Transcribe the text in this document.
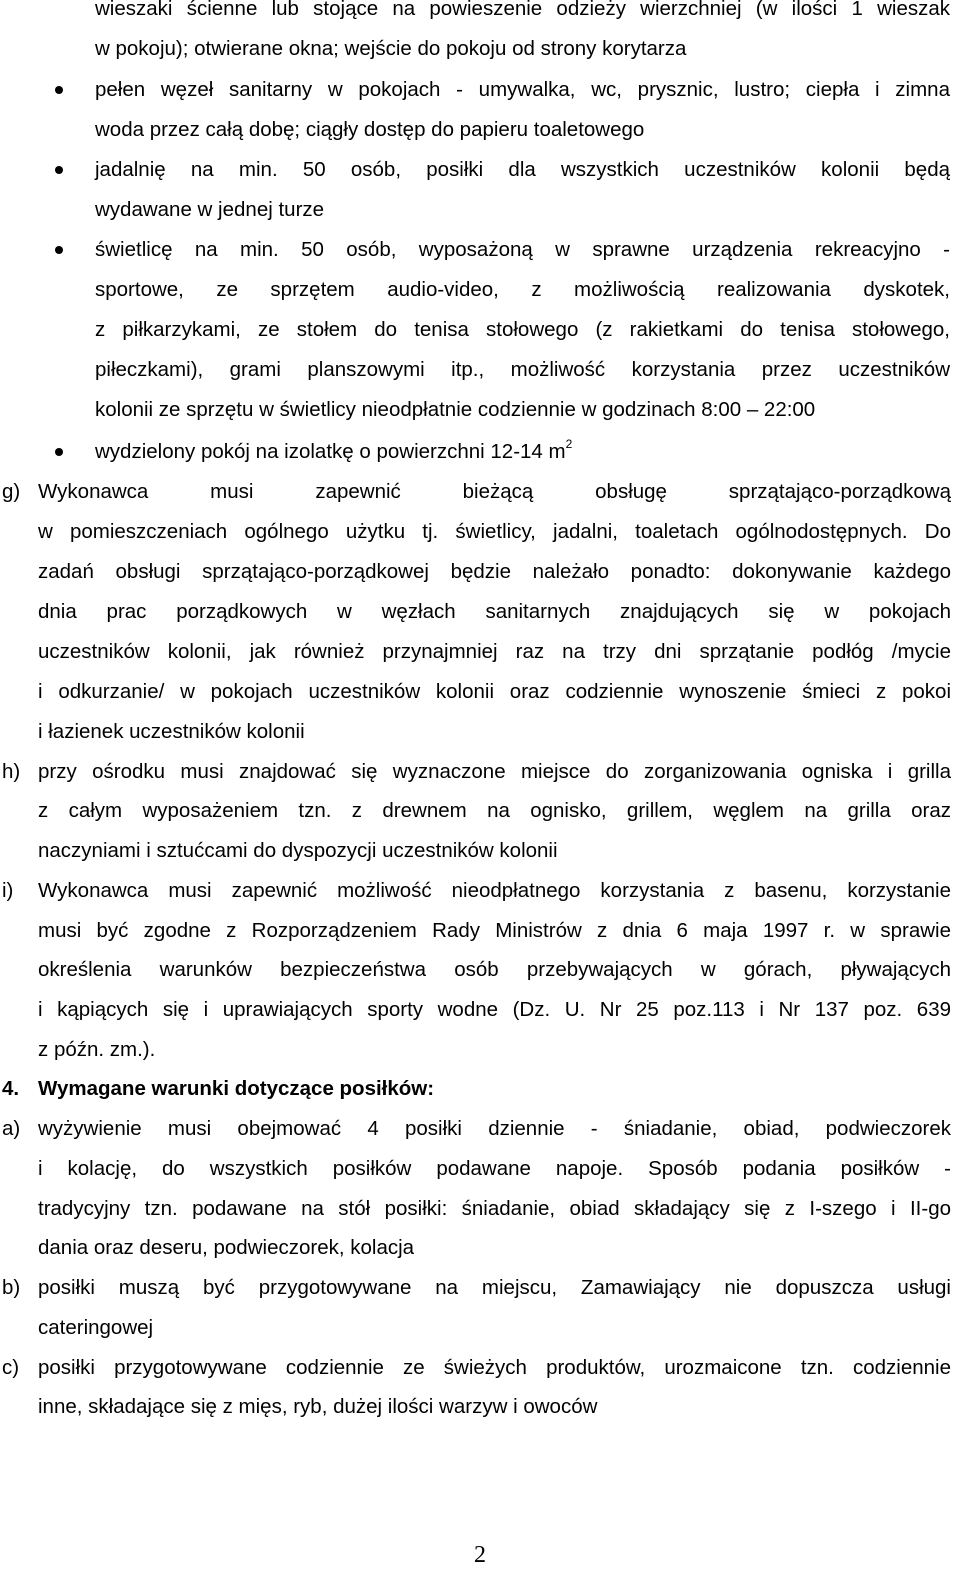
wieszaki ścienne lub stojące na powieszenie odzieży wierzchniej (w ilości 1 wieszak
w pokoju); otwierane okna; wejście do pokoju od strony korytarza
pełen węzeł sanitarny w pokojach - umywalka, wc, prysznic, lustro; ciepła i zimna
woda przez całą dobę; ciągły dostęp do papieru toaletowego
jadalnię na min. 50 osób, posiłki dla wszystkich uczestników kolonii będą
wydawane w jednej turze
świetlicę na min. 50 osób, wyposażoną w sprawne urządzenia rekreacyjno -
sportowe, ze sprzętem audio-video, z możliwością realizowania dyskotek,
z piłkarzykami, ze stołem do tenisa stołowego (z rakietkami do tenisa stołowego,
piłeczkami), grami planszowymi itp., możliwość korzystania przez uczestników
kolonii ze sprzętu w świetlicy nieodpłatnie codziennie w godzinach 8:00 – 22:00
wydzielony pokój na izolatkę o powierzchni 12-14 $m^2$
g) Wykonawca musi zapewnić bieżącą obsługę sprzątająco-porządkową
w pomieszczeniach ogólnego użytku tj. świetlicy, jadalni, toaletach ogólnodostępnych. Do
zadań obsługi sprzątająco-porządkowej będzie należało ponadto: dokonywanie każdego
dnia prac porządkowych w węzłach sanitarnych znajdujących się w pokojach
uczestników kolonii, jak również przynajmniej raz na trzy dni sprzątanie podłóg /mycie
i odkurzanie/ w pokojach uczestników kolonii oraz codziennie wynoszenie śmieci z pokoi
i łazienek uczestników kolonii
h) przy ośrodku musi znajdować się wyznaczone miejsce do zorganizowania ogniska i grilla
z całym wyposażeniem tzn. z drewnem na ognisko, grillem, węglem na grilla oraz
naczyniami i sztućcami do dyspozycji uczestników kolonii
i) Wykonawca musi zapewnić możliwość nieodpłatnego korzystania z basenu, korzystanie
musi być zgodne z Rozporządzeniem Rady Ministrów z dnia 6 maja 1997 r. w sprawie
określenia warunków bezpieczeństwa osób przebywających w górach, pływających
i kąpiących się i uprawiających sporty wodne (Dz. U. Nr 25 poz.113 i Nr 137 poz. 639
z późn. zm.).
4. Wymagane warunki dotyczące posiłków:
a) wyżywienie musi obejmować 4 posiłki dziennie - śniadanie, obiad, podwieczorek
i kolację, do wszystkich posiłków podawane napoje. Sposób podania posiłków -
tradycyjny tzn. podawane na stół posiłki: śniadanie, obiad składający się z I-szego i II-go
dania oraz deseru, podwieczorek, kolacja
b) posiłki muszą być przygotowywane na miejscu, Zamawiający nie dopuszcza usługi
cateringowej
c) posiłki przygotowywane codziennie ze świeżych produktów, urozmaicone tzn. codziennie
inne, składające się z mięs, ryb, dużej ilości warzyw i owoców
2
